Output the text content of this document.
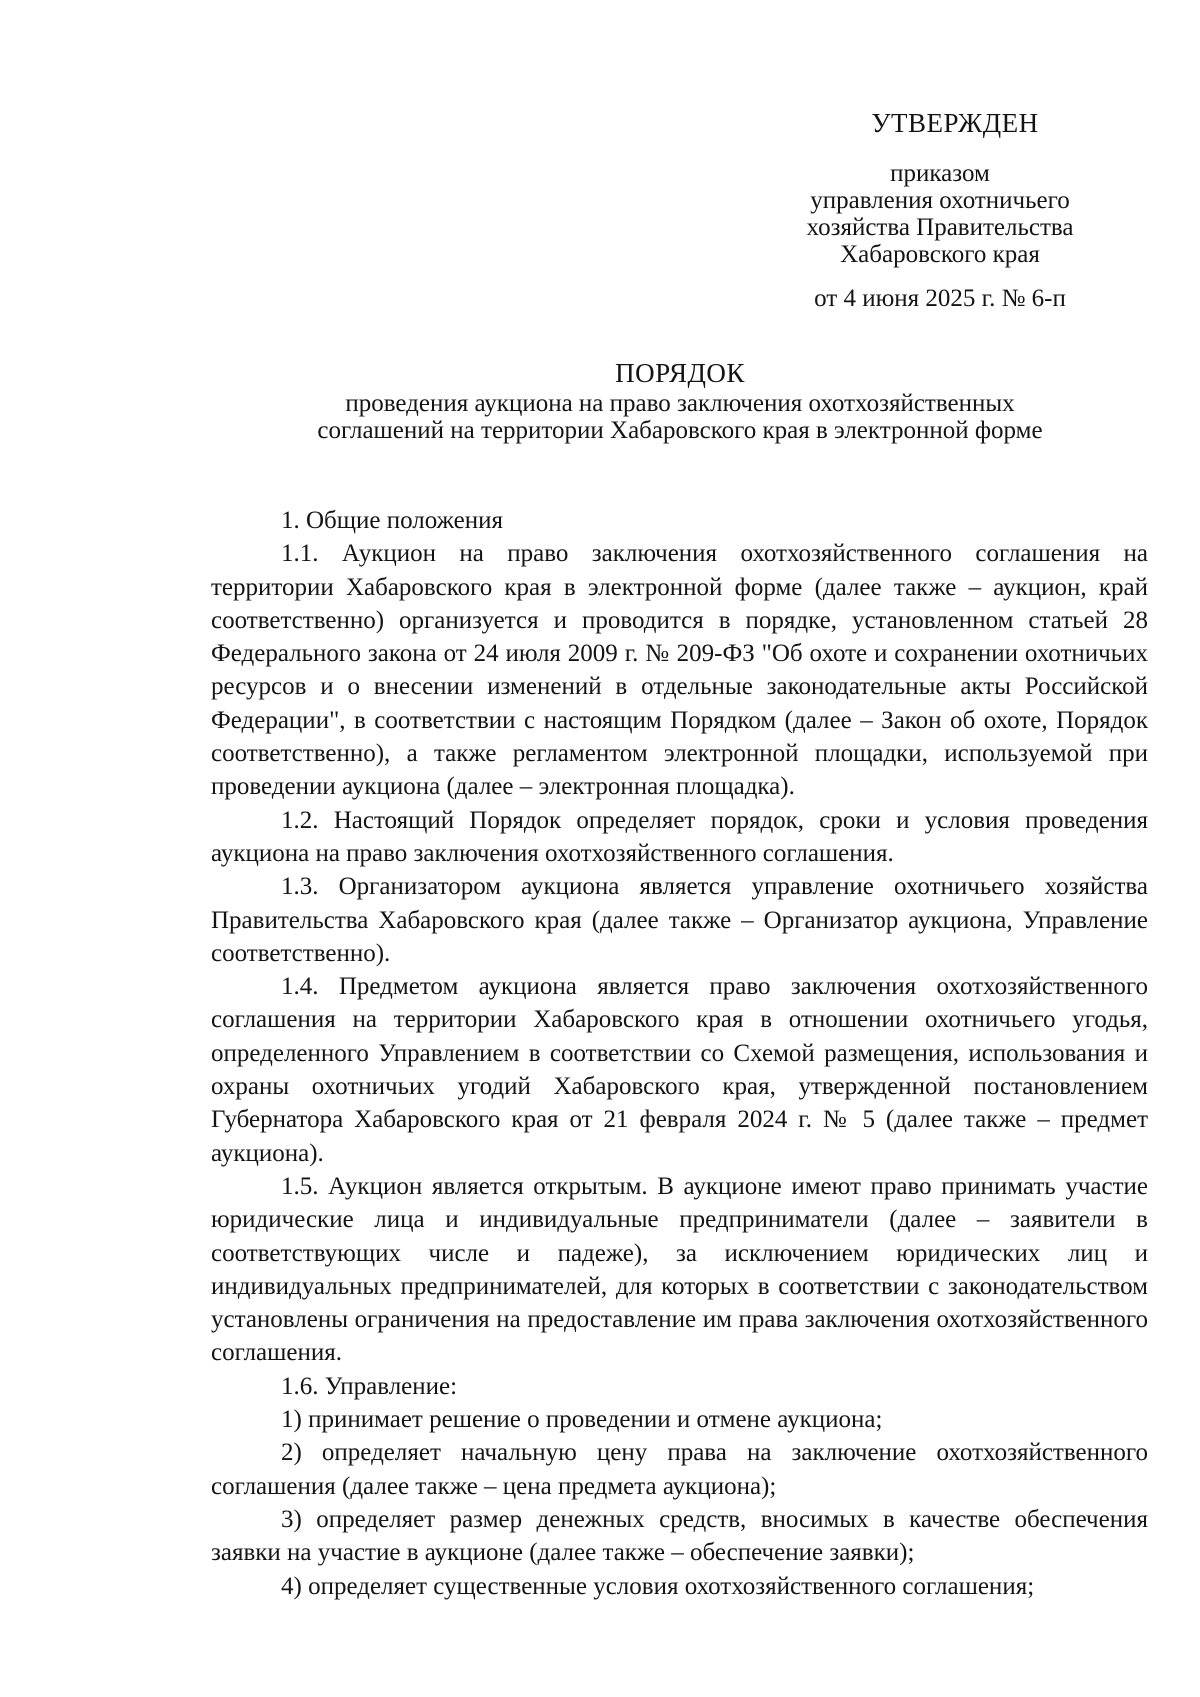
УТВЕРЖДЕН
приказом
управления охотничьего
хозяйства Правительства
Хабаровского края
от 4 июня 2025 г. № 6-п
ПОРЯДОК
проведения аукциона на право заключения охотхозяйственных
соглашений на территории Хабаровского края в электронной форме

1. Общие положения

1.1. Аукцион на право заключения охотхозяйственного соглашения на территории Хабаровского края в электронной форме (далее также – аукцион, край соответственно) организуется и проводится в порядке, установленном статьей 28 Федерального закона от 24 июля 2009 г. № 209-ФЗ "Об охоте и сохранении охотничьих ресурсов и о внесении изменений в отдельные законодательные акты Российской Федерации", в соответствии с настоящим Порядком (далее – Закон об охоте, Порядок соответственно), а также регламентом электронной площадки, используемой при проведении аукциона (далее – электронная площадка).

1.2. Настоящий Порядок определяет порядок, сроки и условия проведения аукциона на право заключения охотхозяйственного соглашения.

1.3. Организатором аукциона является управление охотничьего хозяйства Правительства Хабаровского края (далее также – Организатор аукциона, Управление соответственно).

1.4. Предметом аукциона является право заключения охотхозяйственного соглашения на территории Хабаровского края в отношении охотничьего угодья, определенного Управлением в соответствии со Схемой размещения, использования и охраны охотничьих угодий Хабаровского края, утвержденной постановлением Губернатора Хабаровского края от 21 февраля 2024 г. № 5 (далее также – предмет аукциона).

1.5. Аукцион является открытым. В аукционе имеют право принимать участие юридические лица и индивидуальные предприниматели (далее – заявители в соответствующих числе и падеже), за исключением юридических лиц и индивидуальных предпринимателей, для которых в соответствии с законодательством установлены ограничения на предоставление им права заключения охотхозяйственного соглашения.

1.6. Управление:

1) принимает решение о проведении и отмене аукциона;

2) определяет начальную цену права на заключение охотхозяйственного соглашения (далее также – цена предмета аукциона);

3) определяет размер денежных средств, вносимых в качестве обеспечения заявки на участие в аукционе (далее также – обеспечение заявки);

4) определяет существенные условия охотхозяйственного соглашения;
